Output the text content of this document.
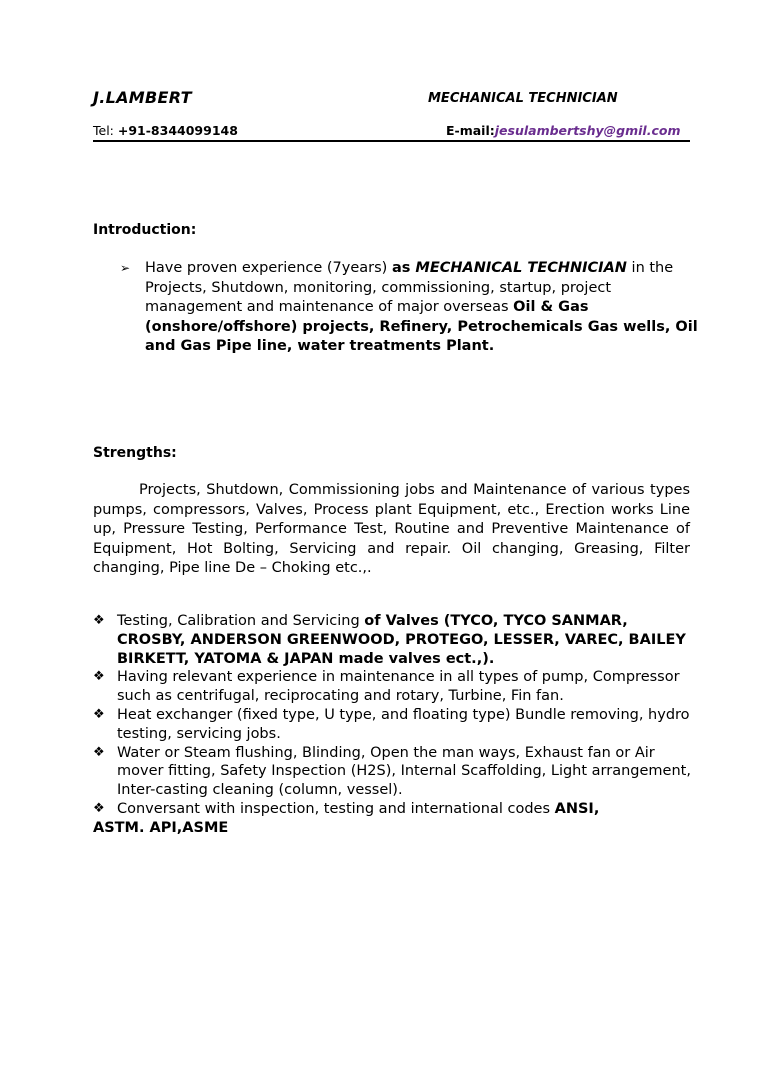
J.LAMBERT	MECHANICAL TECHNICIAN
Tel: +91-8344099148	E-mail:jesulambertshy@gmil.com
Introduction:
➢ Have proven experience (7years) as MECHANICAL TECHNICIAN in the Projects, Shutdown, monitoring, commissioning, startup, project management and maintenance of major overseas Oil & Gas (onshore/offshore) projects, Refinery, Petrochemicals Gas wells, Oil and Gas Pipe line, water treatments Plant.
Strengths:
Projects, Shutdown, Commissioning jobs and Maintenance of various types pumps, compressors, Valves, Process plant Equipment, etc., Erection works Line up, Pressure Testing, Performance Test, Routine and Preventive Maintenance of Equipment, Hot Bolting, Servicing and repair. Oil changing, Greasing, Filter changing, Pipe line De – Choking etc.,.
❖ Testing, Calibration and Servicing of Valves (TYCO, TYCO SANMAR, CROSBY, ANDERSON GREENWOOD, PROTEGO, LESSER, VAREC, BAILEY BIRKETT, YATOMA & JAPAN made valves ect.,).
❖ Having relevant experience in maintenance in all types of pump, Compressor such as centrifugal, reciprocating and rotary, Turbine, Fin fan.
❖ Heat exchanger (fixed type, U type, and floating type) Bundle removing, hydro testing, servicing jobs.
❖ Water or Steam flushing, Blinding, Open the man ways, Exhaust fan or Air mover fitting, Safety Inspection (H2S), Internal Scaffolding, Light arrangement, Inter-casting cleaning (column, vessel).
❖ Conversant with inspection, testing and international codes ANSI,
ASTM. API,ASME
